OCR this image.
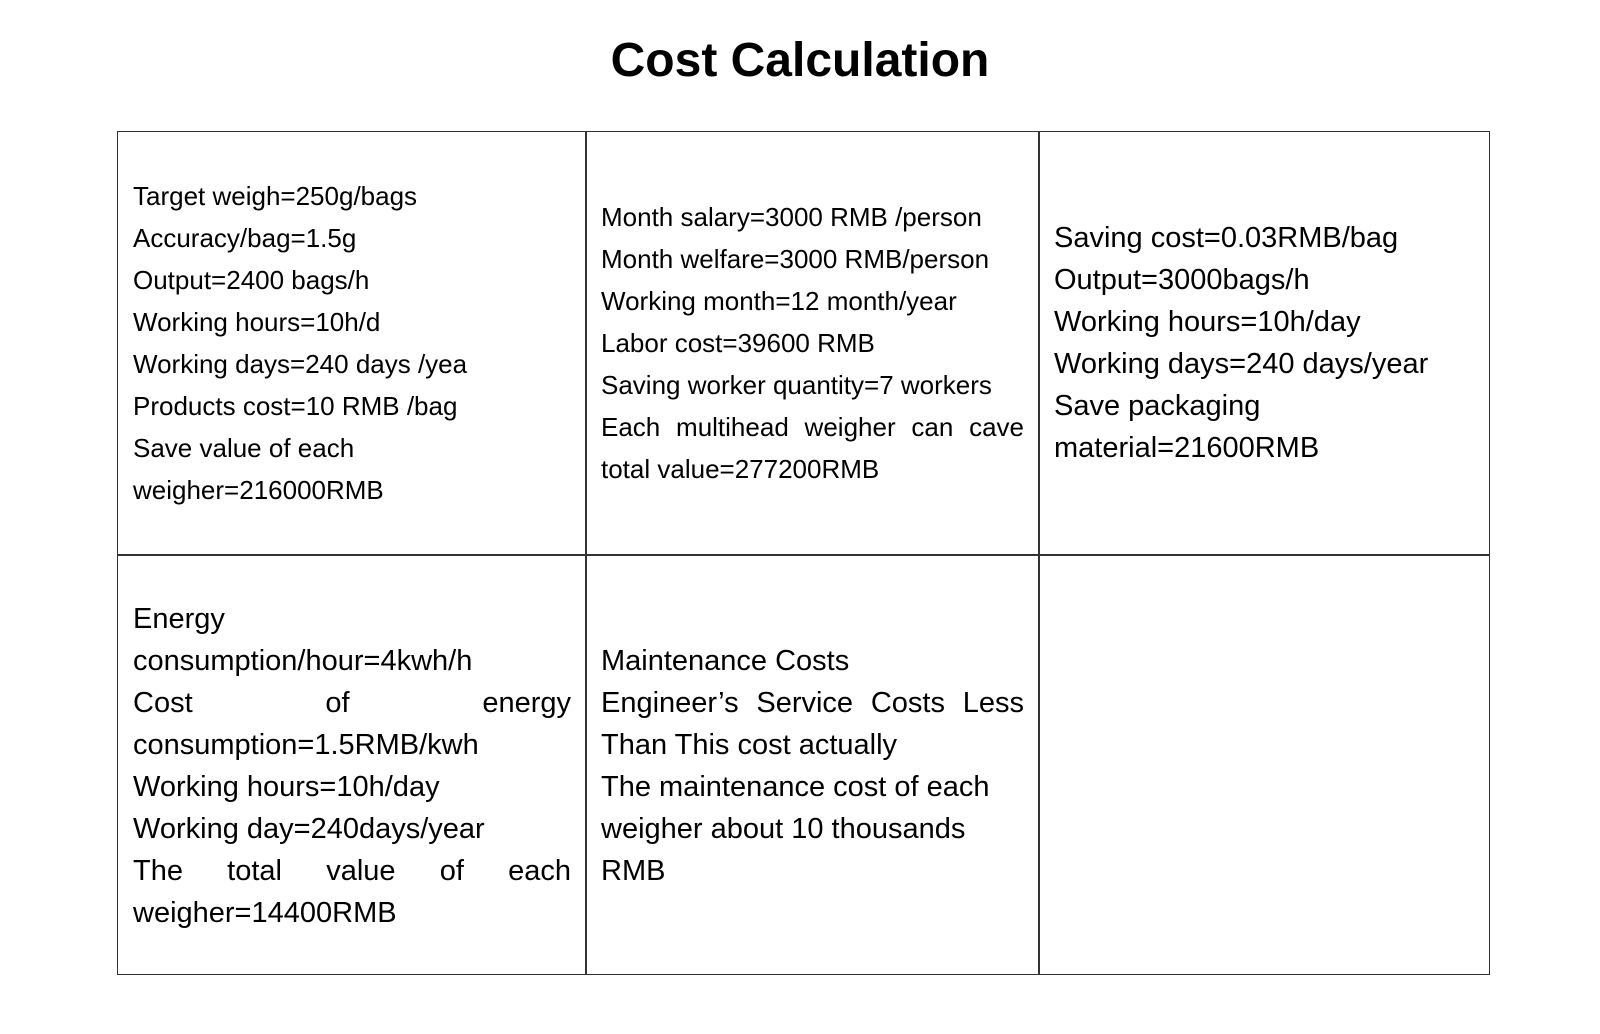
Cost Calculation
Target weigh=250g/bags
Accuracy/bag=1.5g
Output=2400 bags/h
Working hours=10h/d
Working days=240 days /yea
Products cost=10 RMB /bag
Save value of each
weigher=216000RMB
Month salary=3000 RMB /person
Month welfare=3000 RMB/person
Working month=12 month/year
Labor cost=39600 RMB
Saving worker quantity=7 workers
Each multihead weigher can cave
total value=277200RMB
Saving cost=0.03RMB/bag
Output=3000bags/h
Working hours=10h/day
Working days=240 days/year
Save packaging
material=21600RMB
Energy
consumption/hour=4kwh/h
Cost of energy
consumption=1.5RMB/kwh
Working hours=10h/day
Working day=240days/year
The total value of each
weigher=14400RMB
Maintenance Costs
Engineer’s Service Costs Less
Than This cost actually
The maintenance cost of each
weigher about 10 thousands
RMB
